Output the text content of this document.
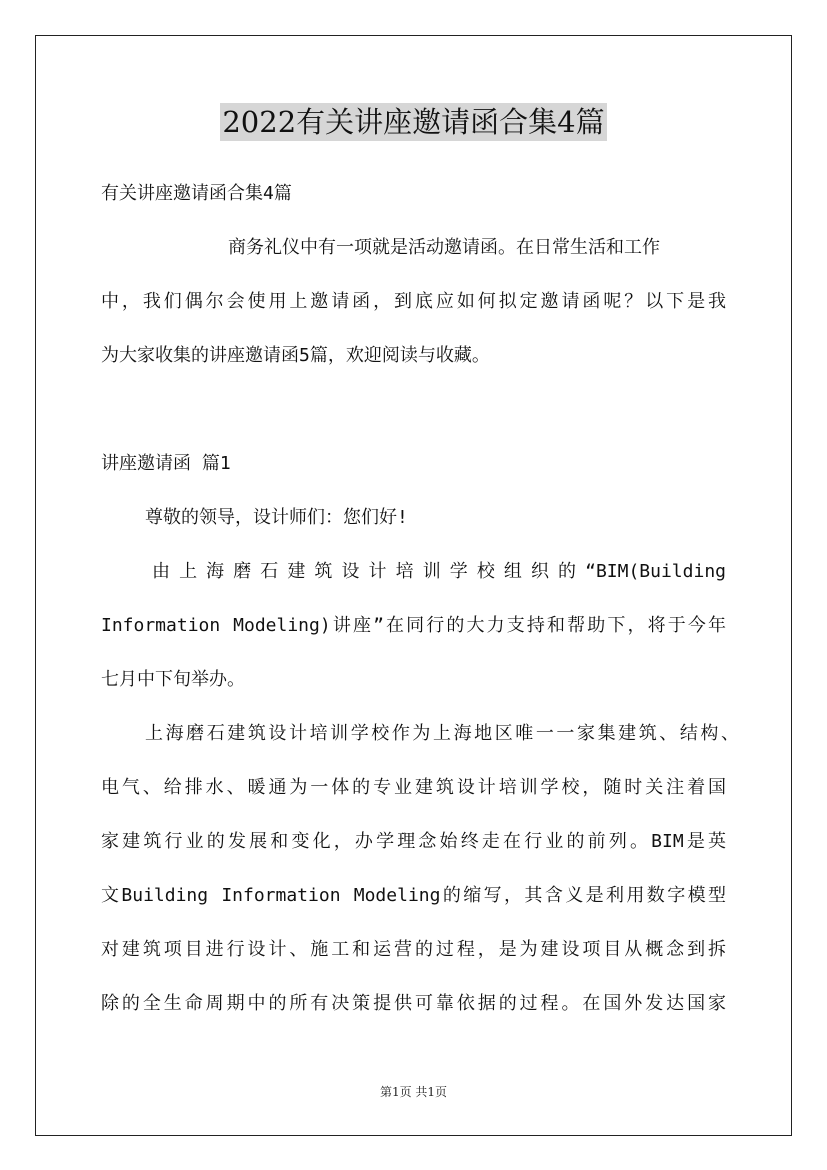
2022有关讲座邀请函合集4篇
有关讲座邀请函合集4篇
商务礼仪中有一项就是活动邀请函。在日常生活和工作
中，我们偶尔会使用上邀请函，到底应如何拟定邀请函呢？以下是我
为大家收集的讲座邀请函5篇，欢迎阅读与收藏。
讲座邀请函 篇1
尊敬的领导，设计师们：您们好!
由上海磨石建筑设计培训学校组织的“BIM(Building
Information Modeling)讲座”在同行的大力支持和帮助下，将于今年
七月中下旬举办。
上海磨石建筑设计培训学校作为上海地区唯一一家集建筑、结构、
电气、给排水、暖通为一体的专业建筑设计培训学校，随时关注着国
家建筑行业的发展和变化，办学理念始终走在行业的前列。BIM是英
文Building Information Modeling的缩写，其含义是利用数字模型
对建筑项目进行设计、施工和运营的过程，是为建设项目从概念到拆
除的全生命周期中的所有决策提供可靠依据的过程。在国外发达国家
第1页 共1页
